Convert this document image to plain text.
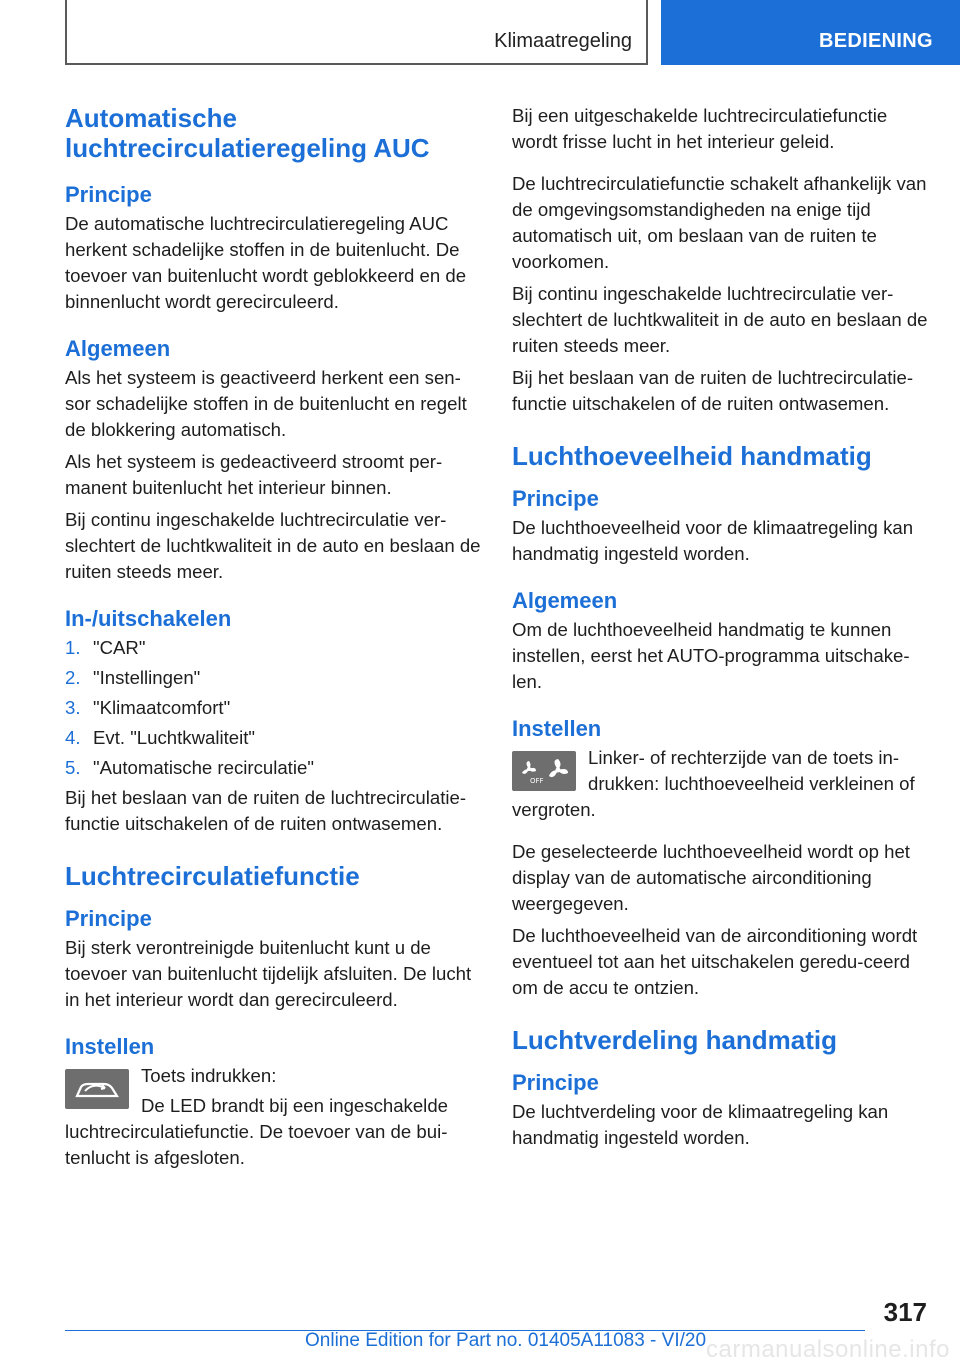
Klimaatregeling	BEDIENING
Automatische
luchtrecirculatieregeling AUC
Principe

De automatische luchtrecirculatieregeling AUC herkent schadelijke stoffen in de buitenlucht. De toevoer van buitenlucht wordt geblokkeerd en de binnenlucht wordt gerecirculeerd.

Algemeen

Als het systeem is geactiveerd herkent een sen-sor schadelijke stoffen in de buitenlucht en regelt de blokkering automatisch.

Als het systeem is gedeactiveerd stroomt per-manent buitenlucht het interieur binnen.

Bij continu ingeschakelde luchtrecirculatie ver-slechtert de luchtkwaliteit in de auto en beslaan de ruiten steeds meer.

In-/uitschakelen
1. "CAR"
2. "Instellingen"
3. "Klimaatcomfort"
4. Evt. "Luchtkwaliteit"
5. "Automatische recirculatie"

Bij het beslaan van de ruiten de luchtrecirculatie-functie uitschakelen of de ruiten ontwasemen.

Luchtrecirculatiefunctie
Principe

Bij sterk verontreinigde buitenlucht kunt u de toevoer van buitenlucht tijdelijk afsluiten. De lucht in het interieur wordt dan gerecirculeerd.

Instellen

Toets indrukken:

De LED brandt bij een ingeschakelde luchtrecirculatiefunctie. De toevoer van de bui-tenlucht is afgesloten.

Bij een uitgeschakelde luchtrecirculatiefunctie wordt frisse lucht in het interieur geleid.

De luchtrecirculatiefunctie schakelt afhankelijk van de omgevingsomstandigheden na enige tijd automatisch uit, om beslaan van de ruiten te voorkomen.

Bij continu ingeschakelde luchtrecirculatie ver-slechtert de luchtkwaliteit in de auto en beslaan de ruiten steeds meer.

Bij het beslaan van de ruiten de luchtrecirculatie-functie uitschakelen of de ruiten ontwasemen.

Luchthoeveelheid handmatig
Principe

De luchthoeveelheid voor de klimaatregeling kan handmatig ingesteld worden.

Algemeen

Om de luchthoeveelheid handmatig te kunnen instellen, eerst het AUTO-programma uitschake-len.

Instellen
OFF

Linker- of rechterzijde van de toets in-drukken: luchthoeveelheid verkleinen of vergroten.

De geselecteerde luchthoeveelheid wordt op het display van de automatische airconditioning weergegeven.

De luchthoeveelheid van de airconditioning wordt eventueel tot aan het uitschakelen geredu-ceerd om de accu te ontzien.

Luchtverdeling handmatig
Principe

De luchtverdeling voor de klimaatregeling kan handmatig ingesteld worden.

317
Online Edition for Part no. 01405A11083 - VI/20 carmanualsonline.info
